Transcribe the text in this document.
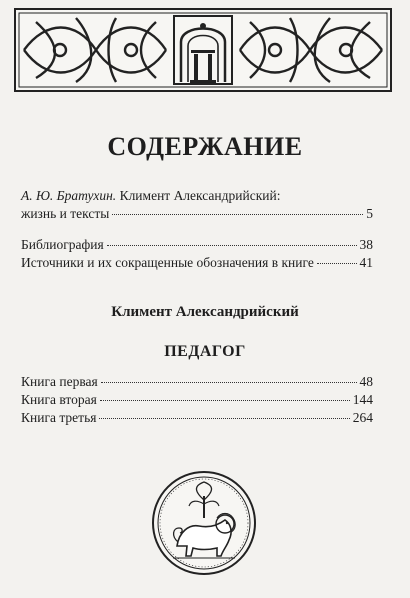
СОДЕРЖАНИЕ
А. Ю. Братухин. Климент Александрийский:
жизнь и тексты	5
Библиография	38
Источники и их сокращенные обозначения в книге	41
Климент Александрийский
ПЕДАГОГ
Книга первая	48
Книга вторая	144
Книга третья	264
